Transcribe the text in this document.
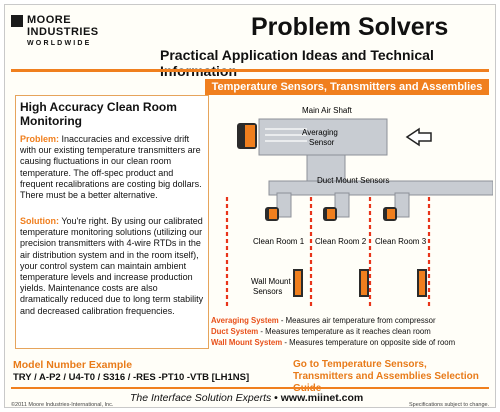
MOORE
INDUSTRIES
WORLDWIDE
Problem Solvers
Practical Application Ideas and Technical
Temperature Sensors, Transmitters and Assemblies
High Accuracy Clean Room Monitoring
Problem: Inaccuracies and excessive drift with our existing temperature transmitters are causing fluctuations in our clean room temperature. The off-spec product and frequent recalibrations are costing big dollars. There must be a better alternative.
Solution: You're right. By using our calibrated temperature monitoring solutions (utilizing our precision transmitters with 4-wire RTDs in the air distribution system and in the room itself), your control system can maintain ambient temperature levels and increase production yields. Maintenance costs are also dramatically reduced due to long term stability and decreased calibration frequencies.
Main Air Shaft
Averaging
Sensor
Duct Mount Sensors
Clean Room 1 Clean Room 2 Clean Room 3
Wall Mount
Sensors
Averaging System - Measures air temperature from compressor
Duct System - Measures temperature as it reaches clean room
Wall Mount System - Measures temperature on opposite side of room
Model Number Example
TRY / A-P2 / U4-T0 / S316 / -RES -PT10 -VTB [LH1NS]
Go to Temperature Sensors, Transmitters and Assemblies Selection
©2011 Moore Industries-International, Inc.
The Interface Solution Experts • www.miinet.com
Specifications subject to change.
